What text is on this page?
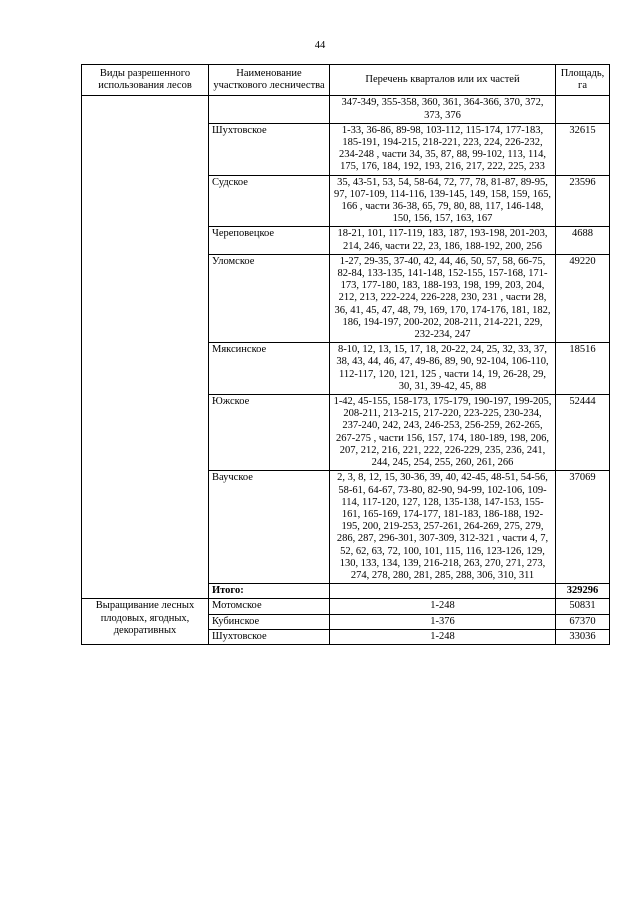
44
Виды разрешенного использования лесов	Наименование участкового лесничества	Перечень кварталов или их частей	Площадь, га
		347-349, 355-358, 360, 361, 364-366, 370, 372, 373, 376	
	Шухтовское	1-33, 36-86, 89-98, 103-112, 115-174, 177-183, 185-191, 194-215, 218-221, 223, 224, 226-232, 234-248 , части 34, 35, 87, 88, 99-102, 113, 114, 175, 176, 184, 192, 193, 216, 217, 222, 225, 233	32615
	Судское	35, 43-51, 53, 54, 58-64, 72, 77, 78, 81-87, 89-95, 97, 107-109, 114-116, 139-145, 149, 158, 159, 165, 166 , части 36-38, 65, 79, 80, 88, 117, 146-148, 150, 156, 157, 163, 167	23596
	Череповецкое	18-21, 101, 117-119, 183, 187, 193-198, 201-203, 214, 246, части 22, 23, 186, 188-192, 200, 256	4688
	Уломское	1-27, 29-35, 37-40, 42, 44, 46, 50, 57, 58, 66-75, 82-84, 133-135, 141-148, 152-155, 157-168, 171-173, 177-180, 183, 188-193, 198, 199, 203, 204, 212, 213, 222-224, 226-228, 230, 231 , части 28, 36, 41, 45, 47, 48, 79, 169, 170, 174-176, 181, 182, 186, 194-197, 200-202, 208-211, 214-221, 229, 232-234, 247	49220
	Мяксинское	8-10, 12, 13, 15, 17, 18, 20-22, 24, 25, 32, 33, 37, 38, 43, 44, 46, 47, 49-86, 89, 90, 92-104, 106-110, 112-117, 120, 121, 125 , части 14, 19, 26-28, 29, 30, 31, 39-42, 45, 88	18516
	Южское	1-42, 45-155, 158-173, 175-179, 190-197, 199-205, 208-211, 213-215, 217-220, 223-225, 230-234, 237-240, 242, 243, 246-253, 256-259, 262-265, 267-275 , части 156, 157, 174, 180-189, 198, 206, 207, 212, 216, 221, 222, 226-229, 235, 236, 241, 244, 245, 254, 255, 260, 261, 266	52444
	Ваучское	2, 3, 8, 12, 15, 30-36, 39, 40, 42-45, 48-51, 54-56, 58-61, 64-67, 73-80, 82-90, 94-99, 102-106, 109-114, 117-120, 127, 128, 135-138, 147-153, 155-161, 165-169, 174-177, 181-183, 186-188, 192-195, 200, 219-253, 257-261, 264-269, 275, 279, 286, 287, 296-301, 307-309, 312-321 , части 4, 7, 52, 62, 63, 72, 100, 101, 115, 116, 123-126, 129, 130, 133, 134, 139, 216-218, 263, 270, 271, 273, 274, 278, 280, 281, 285, 288, 306, 310, 311	37069
	Итого:		329296
Выращивание лесных плодовых, ягодных, декоративных	Мотомское	1-248	50831
	Кубинское	1-376	67370
	Шухтовское	1-248	33036
